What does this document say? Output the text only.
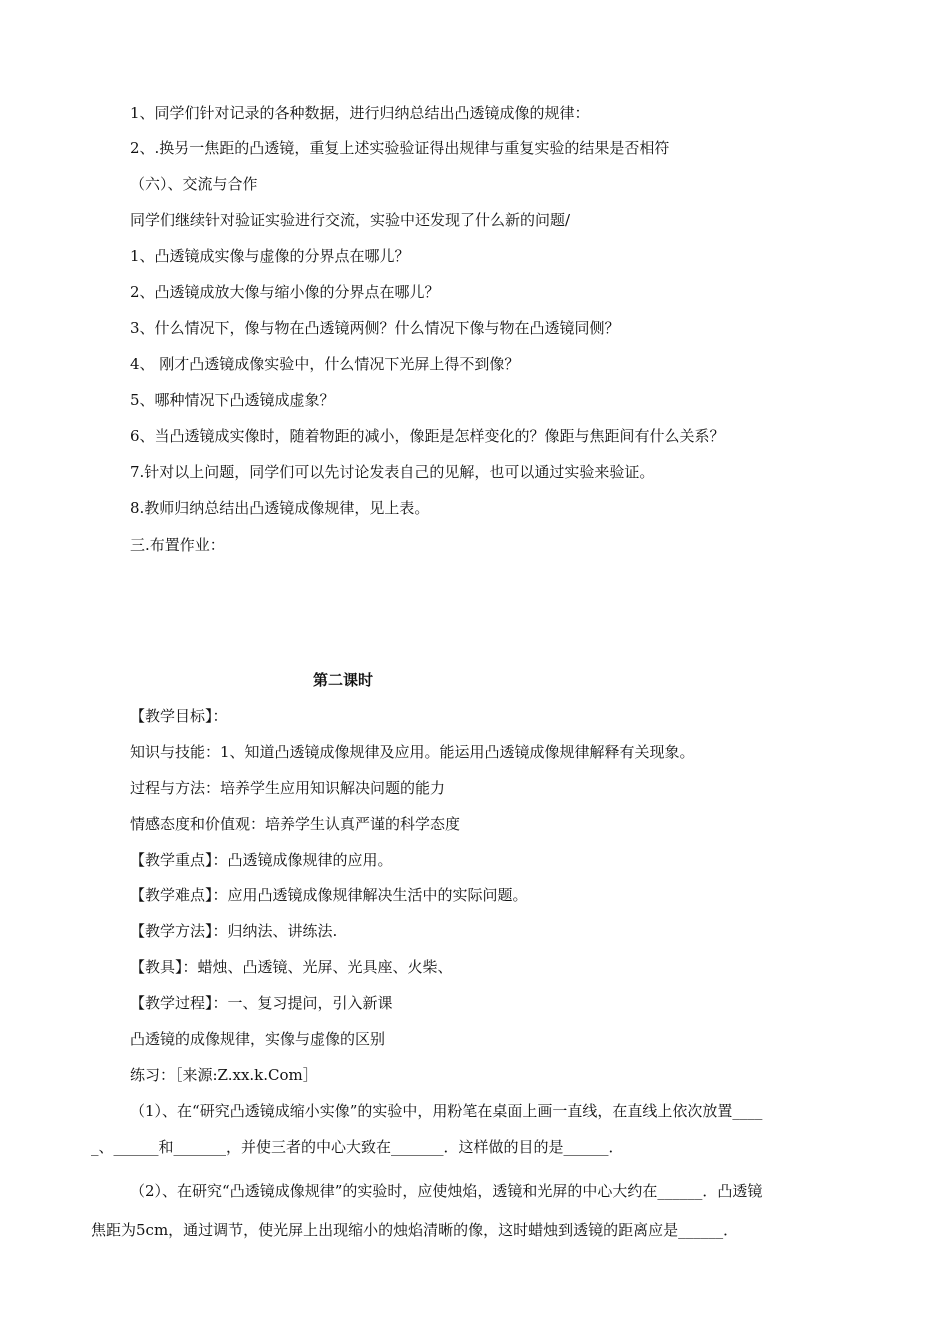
1、同学们针对记录的各种数据，进行归纳总结出凸透镜成像的规律：
2、.换另一焦距的凸透镜，重复上述实验验证得出规律与重复实验的结果是否相符
（六）、交流与合作
同学们继续针对验证实验进行交流，实验中还发现了什么新的问题/
1、凸透镜成实像与虚像的分界点在哪儿？
2、凸透镜成放大像与缩小像的分界点在哪儿？
3、什么情况下，像与物在凸透镜两侧？什么情况下像与物在凸透镜同侧？
4、 刚才凸透镜成像实验中，什么情况下光屏上得不到像？
5、哪种情况下凸透镜成虚象？
6、当凸透镜成实像时，随着物距的减小，像距是怎样变化的？像距与焦距间有什么关系？
7.针对以上问题，同学们可以先讨论发表自己的见解，也可以通过实验来验证。
8.教师归纳总结出凸透镜成像规律，见上表。
三.布置作业：
第二课时
【教学目标】：
知识与技能：1、知道凸透镜成像规律及应用。能运用凸透镜成像规律解释有关现象。
过程与方法：培养学生应用知识解决问题的能力
情感态度和价值观：培养学生认真严谨的科学态度
【教学重点】：凸透镜成像规律的应用。
【教学难点】：应用凸透镜成像规律解决生活中的实际问题。
【教学方法】：归纳法、讲练法.
【教具】：蜡烛、凸透镜、光屏、光具座、火柴、
【教学过程】：一、复习提问，引入新课
凸透镜的成像规律，实像与虚像的区别
练习：［来源:Z.xx.k.Com］
（1）、在“研究凸透镜成缩小实像”的实验中，用粉笔在桌面上画一直线，在直线上依次放置____
_、______和_______，并使三者的中心大致在_______．这样做的目的是______．
（2）、在研究“凸透镜成像规律”的实验时，应使烛焰，透镜和光屏的中心大约在______．凸透镜
焦距为5cm，通过调节，使光屏上出现缩小的烛焰清晰的像，这时蜡烛到透镜的距离应是______．
